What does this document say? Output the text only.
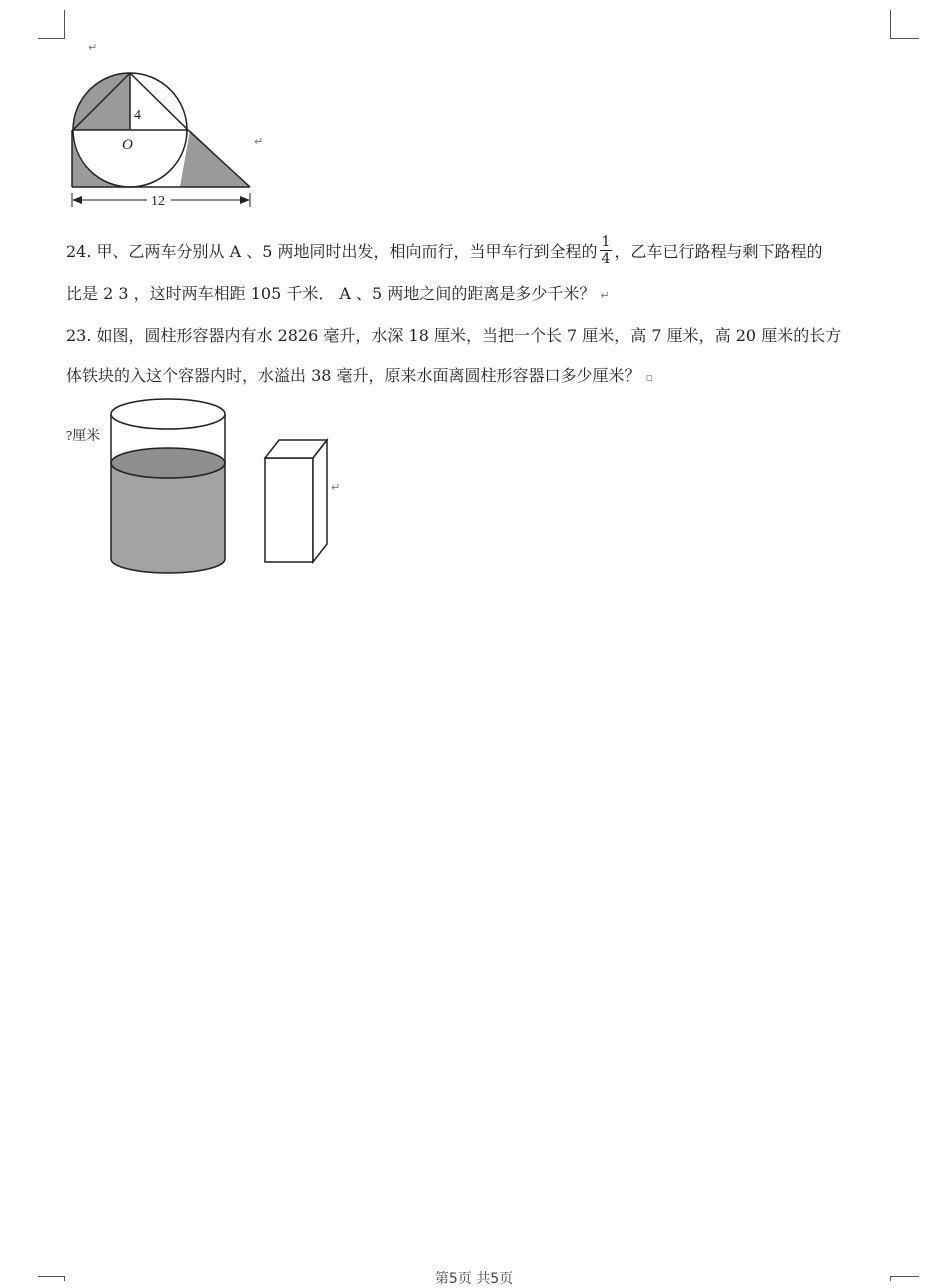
↵
4
O
12
↵
24. 甲、乙两车分别从 A 、5 两地同时出发，相向而行，当甲车行到全程的 $\frac{1}{4}$ ，乙车已行路程与剩下路程的
比是 2 3 ，这时两车相距 105 千米． A 、5 两地之间的距离是多少千米？ ↵
23. 如图，圆柱形容器内有水 2826 毫升，水深 18 厘米，当把一个长 7 厘米，高 7 厘米，高 20 厘米的长方
体铁块的入这个容器内时，水溢出 38 毫升，原来水面离圆柱形容器口多少厘米？ ▫
?厘米
↵
第5页 共5页
